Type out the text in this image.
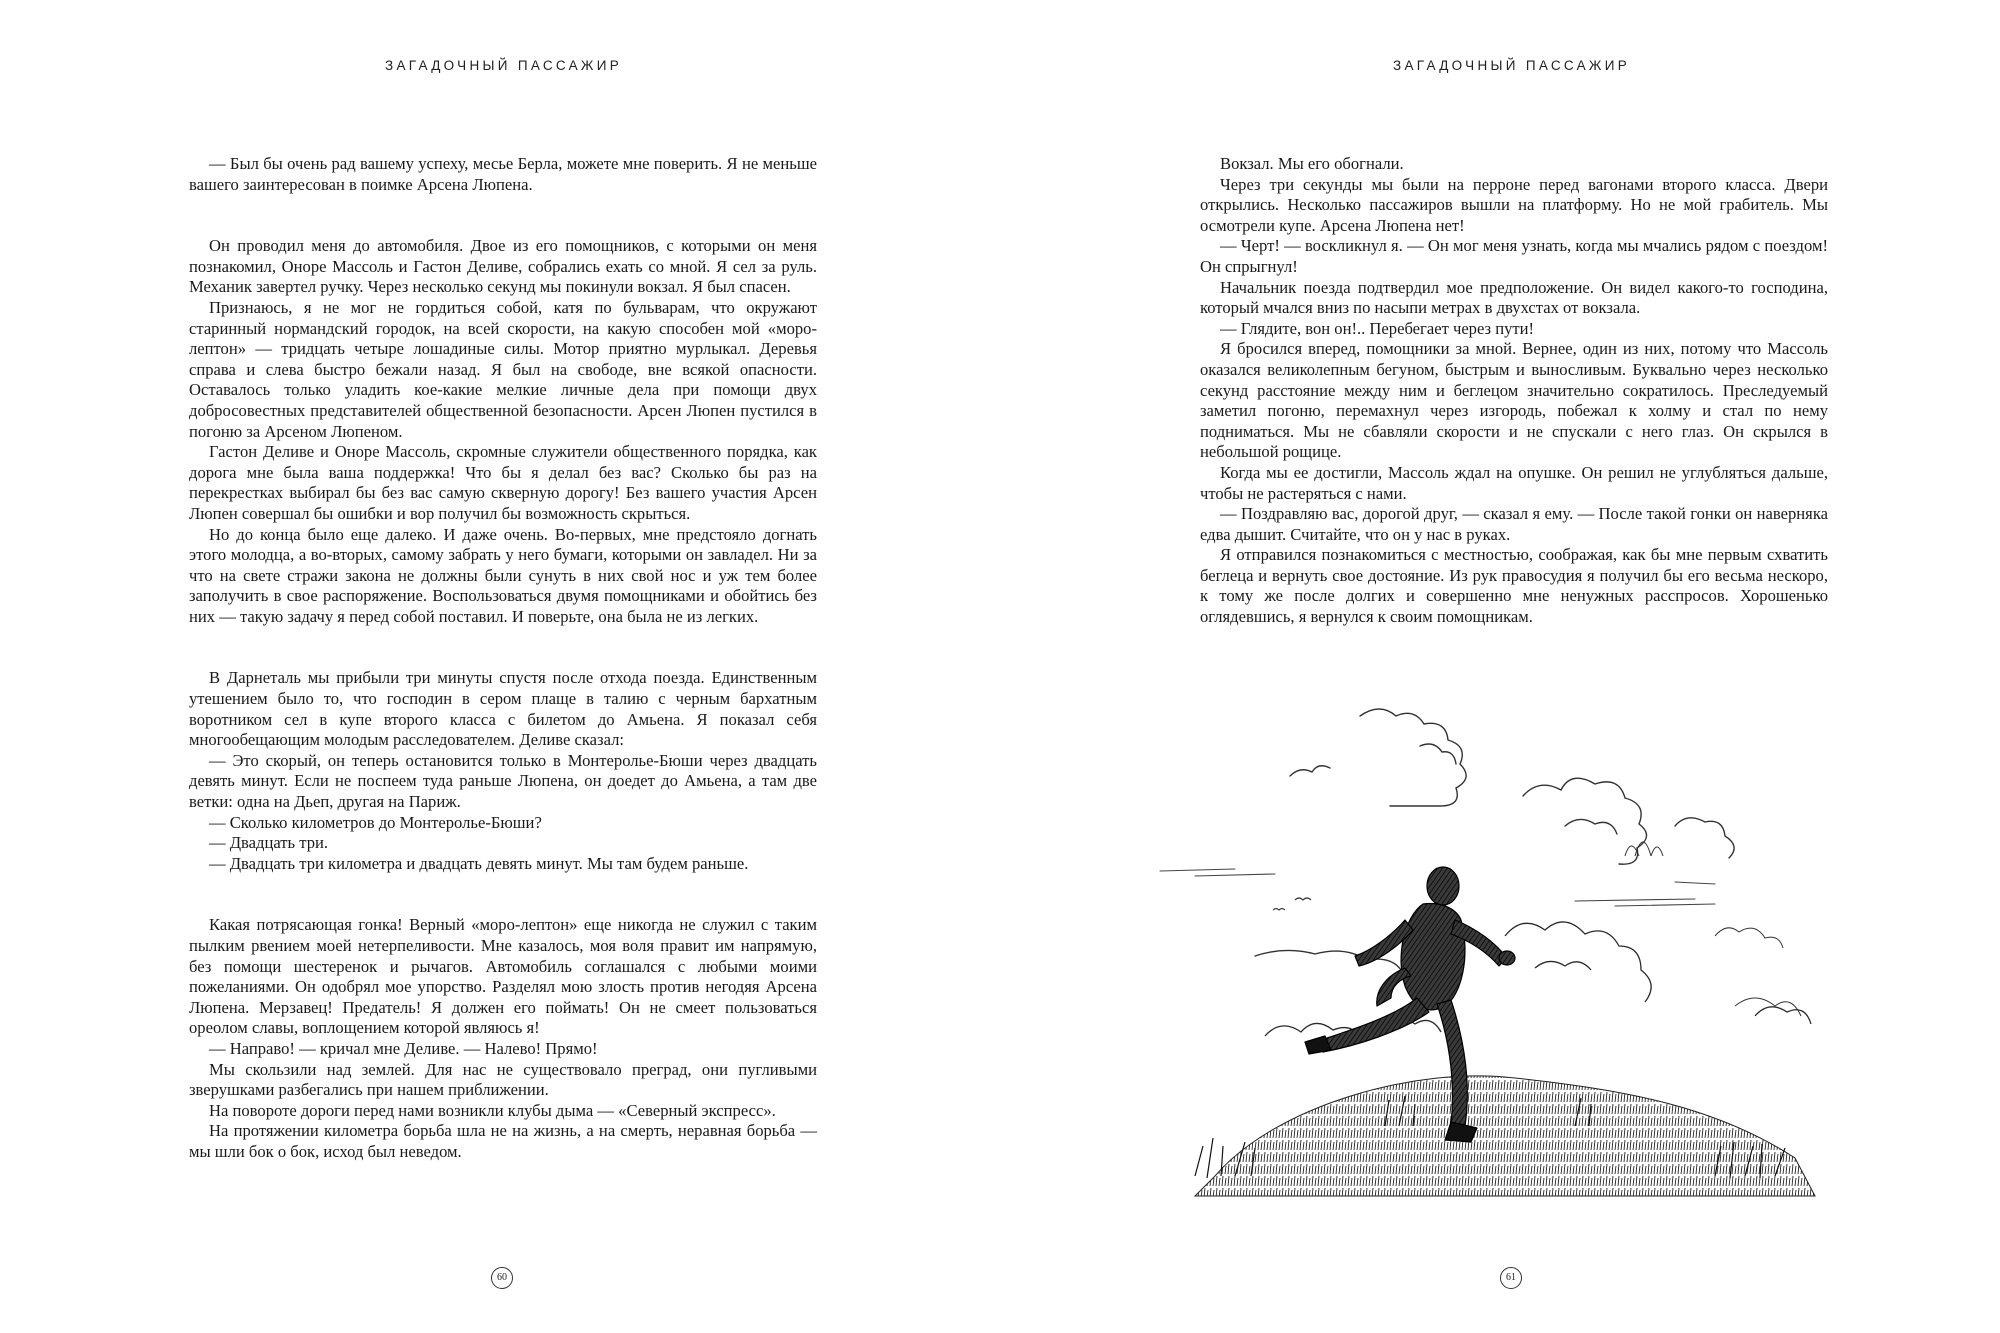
ЗАГАДОЧНЫЙ ПАССАЖИР

— Был бы очень рад вашему успеху, месье Берла, можете мне поверить. Я не меньше вашего заинтересован в поимке Арсена Люпена.

Он проводил меня до автомобиля. Двое из его помощников, с которыми он меня познакомил, Оноре Массоль и Гастон Деливе, собрались ехать со мной. Я сел за руль. Механик завертел ручку. Через несколько секунд мы покинули вокзал. Я был спасен.

Признаюсь, я не мог не гордиться собой, катя по бульварам, что окружают старинный нормандский городок, на всей скорости, на какую способен мой «моро-лептон» — тридцать четыре лошадиные силы. Мотор приятно мурлыкал. Деревья справа и слева быстро бежали назад. Я был на свободе, вне всякой опасности. Оставалось только уладить кое-какие мелкие личные дела при помощи двух добросовестных представителей общественной безопасности. Арсен Люпен пустился в погоню за Арсеном Люпеном.

Гастон Деливе и Оноре Массоль, скромные служители общественного порядка, как дорога мне была ваша поддержка! Что бы я делал без вас? Сколько бы раз на перекрестках выбирал бы без вас самую скверную дорогу! Без вашего участия Арсен Люпен совершал бы ошибки и вор получил бы возможность скрыться.

Но до конца было еще далеко. И даже очень. Во-первых, мне предстояло догнать этого молодца, а во-вторых, самому забрать у него бумаги, которыми он завладел. Ни за что на свете стражи закона не должны были сунуть в них свой нос и уж тем более заполучить в свое распоряжение. Воспользоваться двумя помощниками и обойтись без них — такую задачу я перед собой поставил. И поверьте, она была не из легких.

В Дарнеталь мы прибыли три минуты спустя после отхода поезда. Единственным утешением было то, что господин в сером плаще в талию с черным бархатным воротником сел в купе второго класса с билетом до Амьена. Я показал себя многообещающим молодым расследователем. Деливе сказал:

— Это скорый, он теперь остановится только в Монтеролье-Бюши через двадцать девять минут. Если не поспеем туда раньше Люпена, он доедет до Амьена, а там две ветки: одна на Дьеп, другая на Париж.

— Сколько километров до Монтеролье-Бюши?

— Двадцать три.

— Двадцать три километра и двадцать девять минут. Мы там будем раньше.

Какая потрясающая гонка! Верный «моро-лептон» еще никогда не служил с таким пылким рвением моей нетерпеливости. Мне казалось, моя воля правит им напрямую, без помощи шестеренок и рычагов. Автомобиль соглашался с любыми моими пожеланиями. Он одобрял мое упорство. Разделял мою злость против негодяя Арсена Люпена. Мерзавец! Предатель! Я должен его поймать! Он не смеет пользоваться ореолом славы, воплощением которой являюсь я!

— Направо! — кричал мне Деливе. — Налево! Прямо!

Мы скользили над землей. Для нас не существовало преград, они пугливыми зверушками разбегались при нашем приближении.

На повороте дороги перед нами возникли клубы дыма — «Северный экспресс».

На протяжении километра борьба шла не на жизнь, а на смерть, неравная борьба — мы шли бок о бок, исход был неведом.

60
ЗАГАДОЧНЫЙ ПАССАЖИР

Вокзал. Мы его обогнали.

Через три секунды мы были на перроне перед вагонами второго класса. Двери открылись. Несколько пассажиров вышли на платформу. Но не мой грабитель. Мы осмотрели купе. Арсена Люпена нет!

— Черт! — воскликнул я. — Он мог меня узнать, когда мы мчались рядом с поездом! Он спрыгнул!

Начальник поезда подтвердил мое предположение. Он видел какого-то господина, который мчался вниз по насыпи метрах в двухстах от вокзала.

— Глядите, вон он!.. Перебегает через пути!

Я бросился вперед, помощники за мной. Вернее, один из них, потому что Массоль оказался великолепным бегуном, быстрым и выносливым. Буквально через несколько секунд расстояние между ним и беглецом значительно сократилось. Преследуемый заметил погоню, перемахнул через изгородь, побежал к холму и стал по нему подниматься. Мы не сбавляли скорости и не спускали с него глаз. Он скрылся в небольшой рощице.

Когда мы ее достигли, Массоль ждал на опушке. Он решил не углубляться дальше, чтобы не растеряться с нами.

— Поздравляю вас, дорогой друг, — сказал я ему. — После такой гонки он наверняка едва дышит. Считайте, что он у нас в руках.

Я отправился познакомиться с местностью, соображая, как бы мне первым схватить беглеца и вернуть свое достояние. Из рук правосудия я получил бы его весьма нескоро, к тому же после долгих и совершенно мне ненужных расспросов. Хорошенько оглядевшись, я вернулся к своим помощникам.

61
